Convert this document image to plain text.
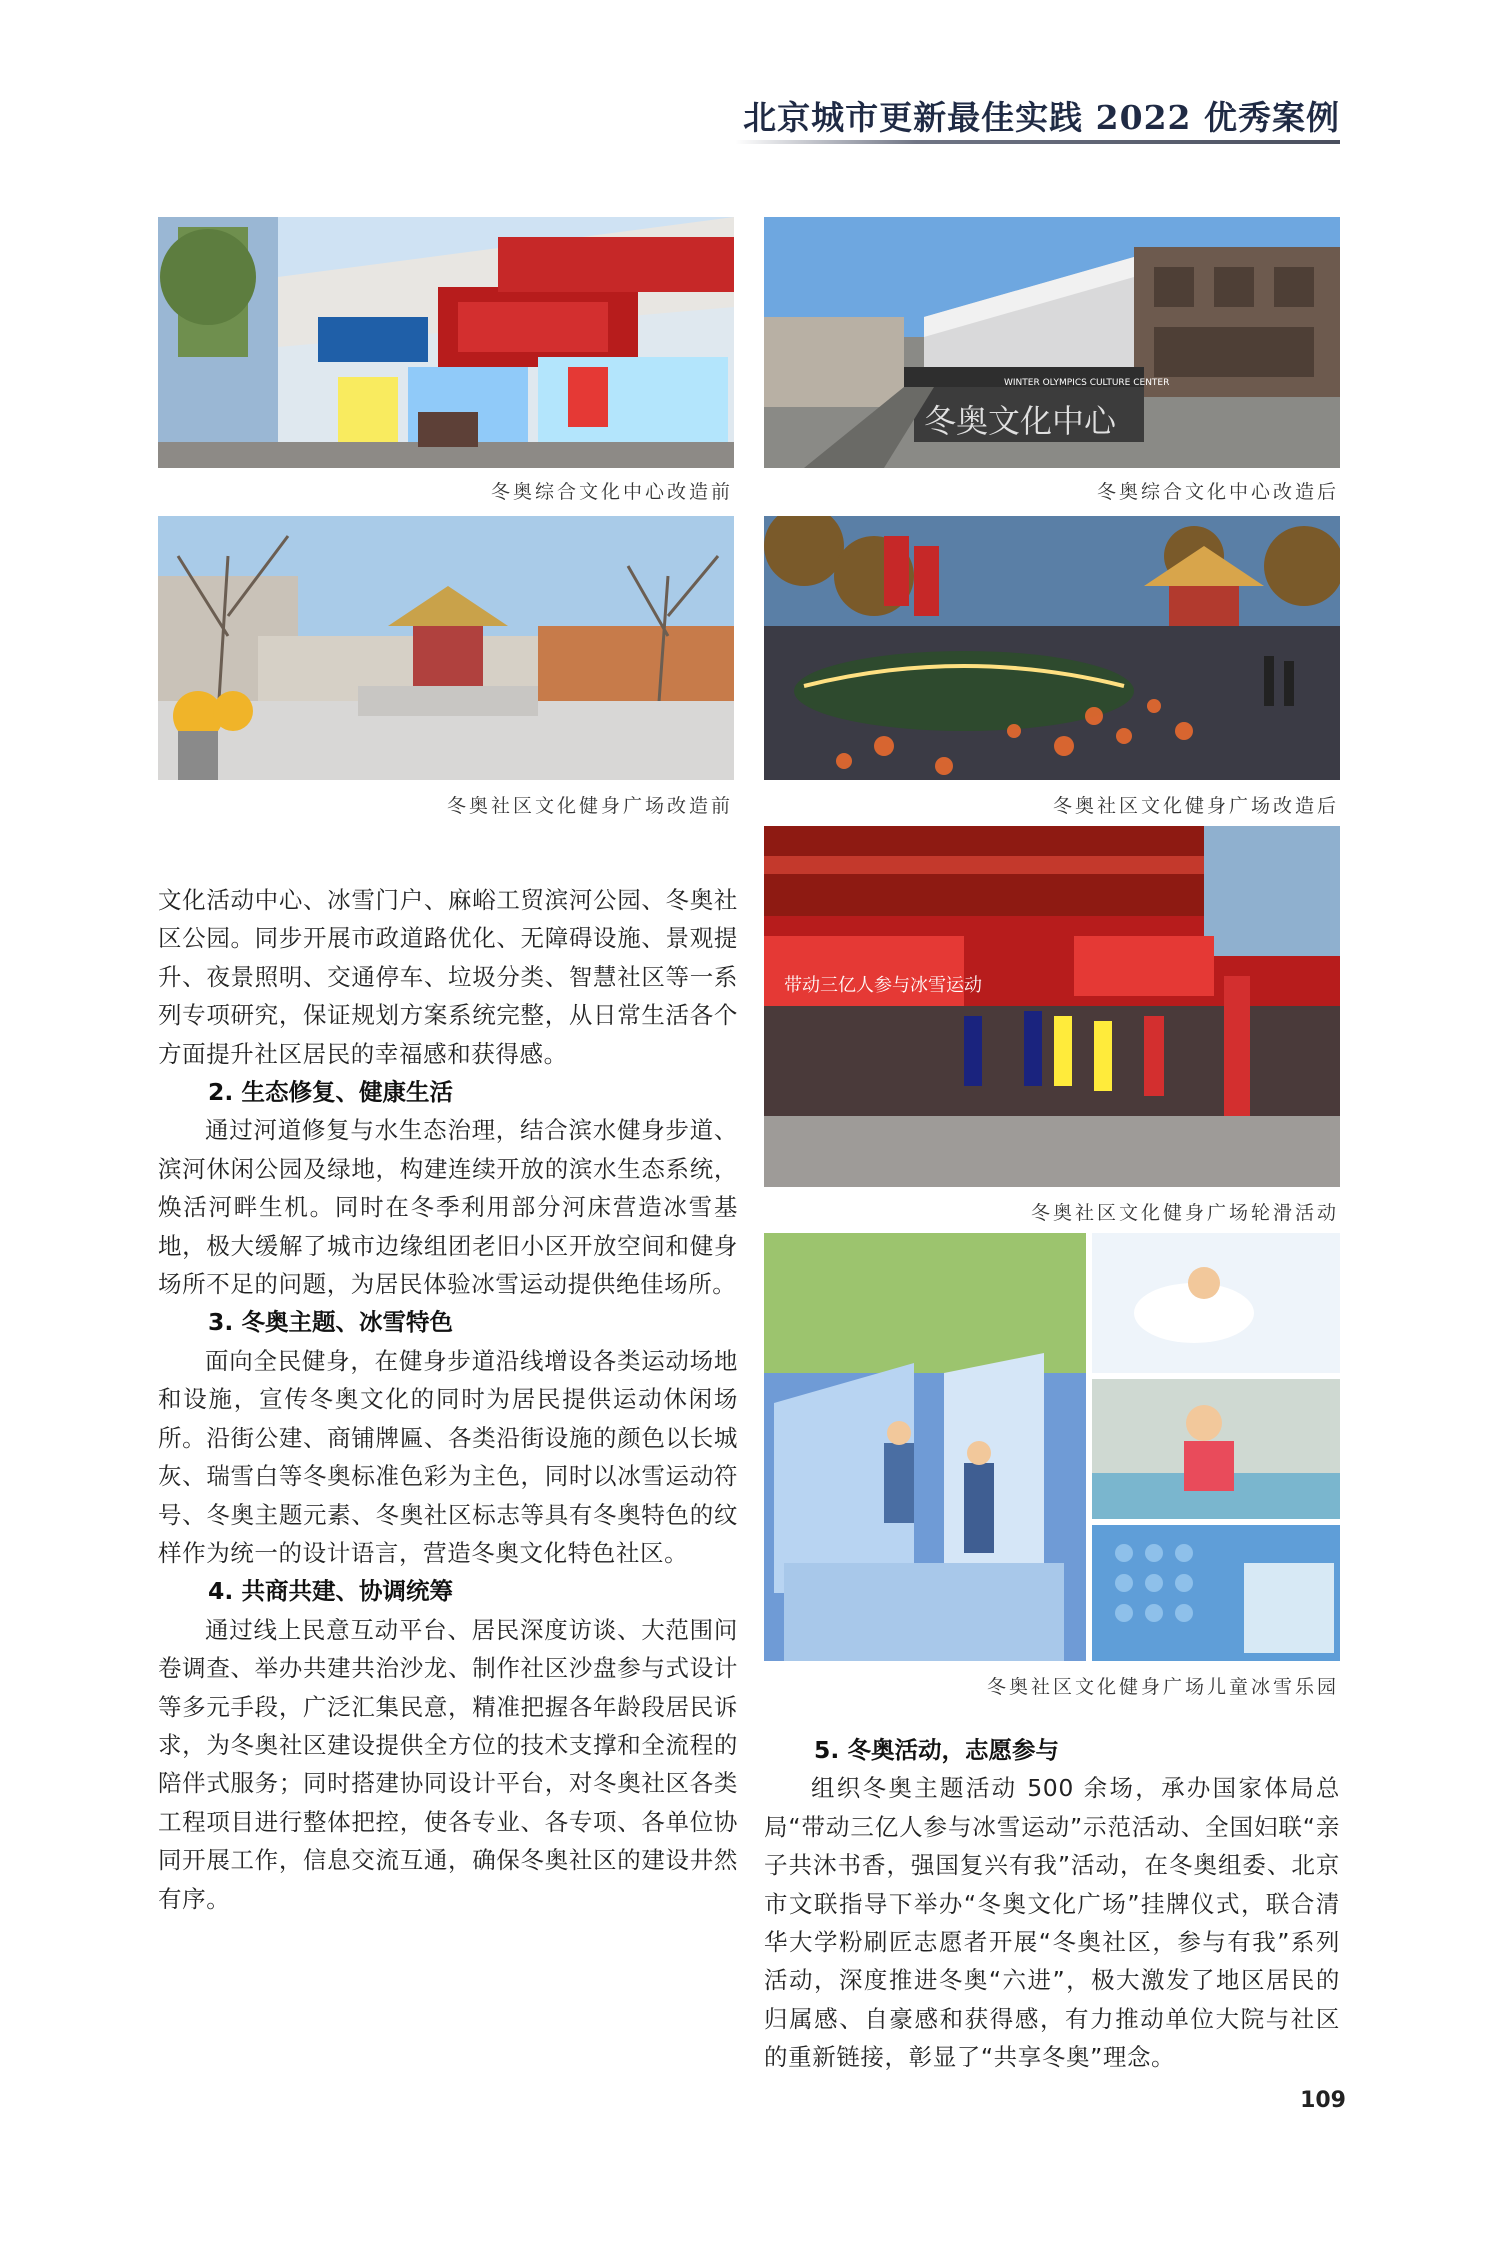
北京城市更新最佳实践 2022 优秀案例
冬奥综合文化中心改造前
冬奥文化中心
WINTER OLYMPICS CULTURE CENTER
冬奥综合文化中心改造后
冬奥社区文化健身广场改造前	冬奥社区文化健身广场改造后
带动三亿人参与冰雪运动
冬奥社区文化健身广场轮滑活动
冬奥社区文化健身广场儿童冰雪乐园

文化活动中心、冰雪门户、麻峪工贸滨河公园、冬奥社区公园。同步开展市政道路优化、无障碍设施、景观提升、夜景照明、交通停车、垃圾分类、智慧社区等一系列专项研究，保证规划方案系统完整，从日常生活各个方面提升社区居民的幸福感和获得感。

2. 生态修复、健康生活

通过河道修复与水生态治理，结合滨水健身步道、滨河休闲公园及绿地，构建连续开放的滨水生态系统，焕活河畔生机。同时在冬季利用部分河床营造冰雪基地，极大缓解了城市边缘组团老旧小区开放空间和健身场所不足的问题，为居民体验冰雪运动提供绝佳场所。

3. 冬奥主题、冰雪特色

面向全民健身，在健身步道沿线增设各类运动场地和设施，宣传冬奥文化的同时为居民提供运动休闲场所。沿街公建、商铺牌匾、各类沿街设施的颜色以长城灰、瑞雪白等冬奥标准色彩为主色，同时以冰雪运动符号、冬奥主题元素、冬奥社区标志等具有冬奥特色的纹样作为统一的设计语言，营造冬奥文化特色社区。

4. 共商共建、协调统筹

通过线上民意互动平台、居民深度访谈、大范围问卷调查、举办共建共治沙龙、制作社区沙盘参与式设计等多元手段，广泛汇集民意，精准把握各年龄段居民诉求，为冬奥社区建设提供全方位的技术支撑和全流程的陪伴式服务；同时搭建协同设计平台，对冬奥社区各类工程项目进行整体把控，使各专业、各专项、各单位协同开展工作，信息交流互通，确保冬奥社区的建设井然有序。

5. 冬奥活动，志愿参与

组织冬奥主题活动 500 余场，承办国家体局总局“带动三亿人参与冰雪运动”示范活动、全国妇联“亲子共沐书香，强国复兴有我”活动，在冬奥组委、北京市文联指导下举办“冬奥文化广场”挂牌仪式，联合清华大学粉刷匠志愿者开展“冬奥社区，参与有我”系列活动，深度推进冬奥“六进”，极大激发了地区居民的归属感、自豪感和获得感，有力推动单位大院与社区的重新链接，彰显了“共享冬奥”理念。

109
